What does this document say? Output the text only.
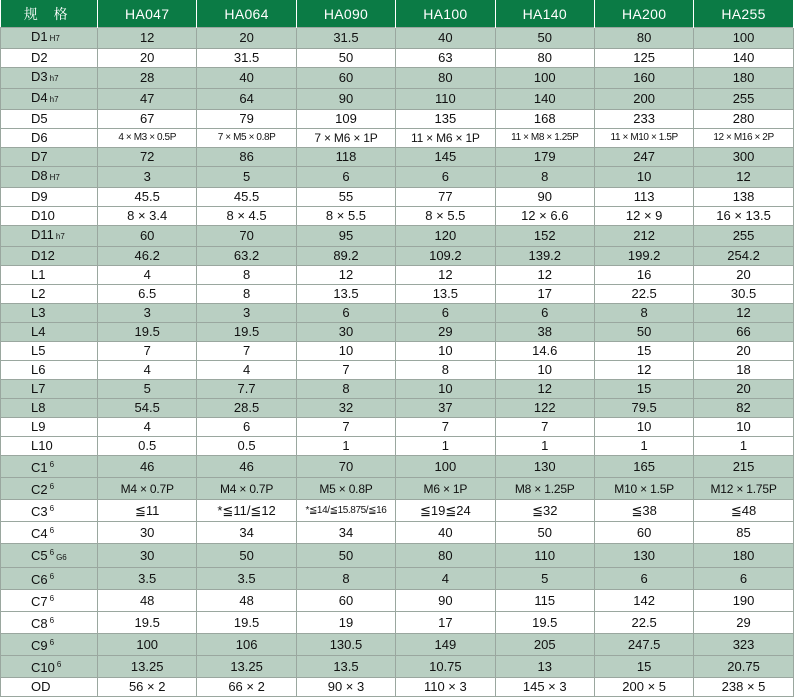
规 格	HA047	HA064	HA090	HA100	HA140	HA200	HA255
D1 H7	12	20	31.5	40	50	80	100
D2	20	31.5	50	63	80	125	140
D3 h7	28	40	60	80	100	160	180
D4 h7	47	64	90	110	140	200	255
D5	67	79	109	135	168	233	280
D6	4 × M3 × 0.5P	7 × M5 × 0.8P	7 × M6 × 1P	11 × M6 × 1P	11 × M8 × 1.25P	11 × M10 × 1.5P	12 × M16 × 2P
D7	72	86	118	145	179	247	300
D8 H7	3	5	6	6	8	10	12
D9	45.5	45.5	55	77	90	113	138
D10	8 × 3.4	8 × 4.5	8 × 5.5	8 × 5.5	12 × 6.6	12 × 9	16 × 13.5
D11 h7	60	70	95	120	152	212	255
D12	46.2	63.2	89.2	109.2	139.2	199.2	254.2
L1	4	8	12	12	12	16	20
L2	6.5	8	13.5	13.5	17	22.5	30.5
L3	3	3	6	6	6	8	12
L4	19.5	19.5	30	29	38	50	66
L5	7	7	10	10	14.6	15	20
L6	4	4	7	8	10	12	18
L7	5	7.7	8	10	12	15	20
L8	54.5	28.5	32	37	122	79.5	82
L9	4	6	7	7	7	10	10
L10	0.5	0.5	1	1	1	1	1
C1 $^6$	46	46	70	100	130	165	215
C2 $^6$	M4 × 0.7P	M4 × 0.7P	M5 × 0.8P	M6 × 1P	M8 × 1.25P	M10 × 1.5P	M12 × 1.75P
C3 $^6$	≦11	*≦11/≦12	*≦14/≦15.875/≦16	≦19≦24	≦32	≦38	≦48
C4 $^6$	30	34	34	40	50	60	85
C5 $^6$G6	30	50	50	80	110	130	180
C6 $^6$	3.5	3.5	8	4	5	6	6
C7 $^6$	48	48	60	90	115	142	190
C8 $^6$	19.5	19.5	19	17	19.5	22.5	29
C9 $^6$	100	106	130.5	149	205	247.5	323
C10 $^6$	13.25	13.25	13.5	10.75	13	15	20.75
OD	56 × 2	66 × 2	90 × 3	110 × 3	145 × 3	200 × 5	238 × 5
